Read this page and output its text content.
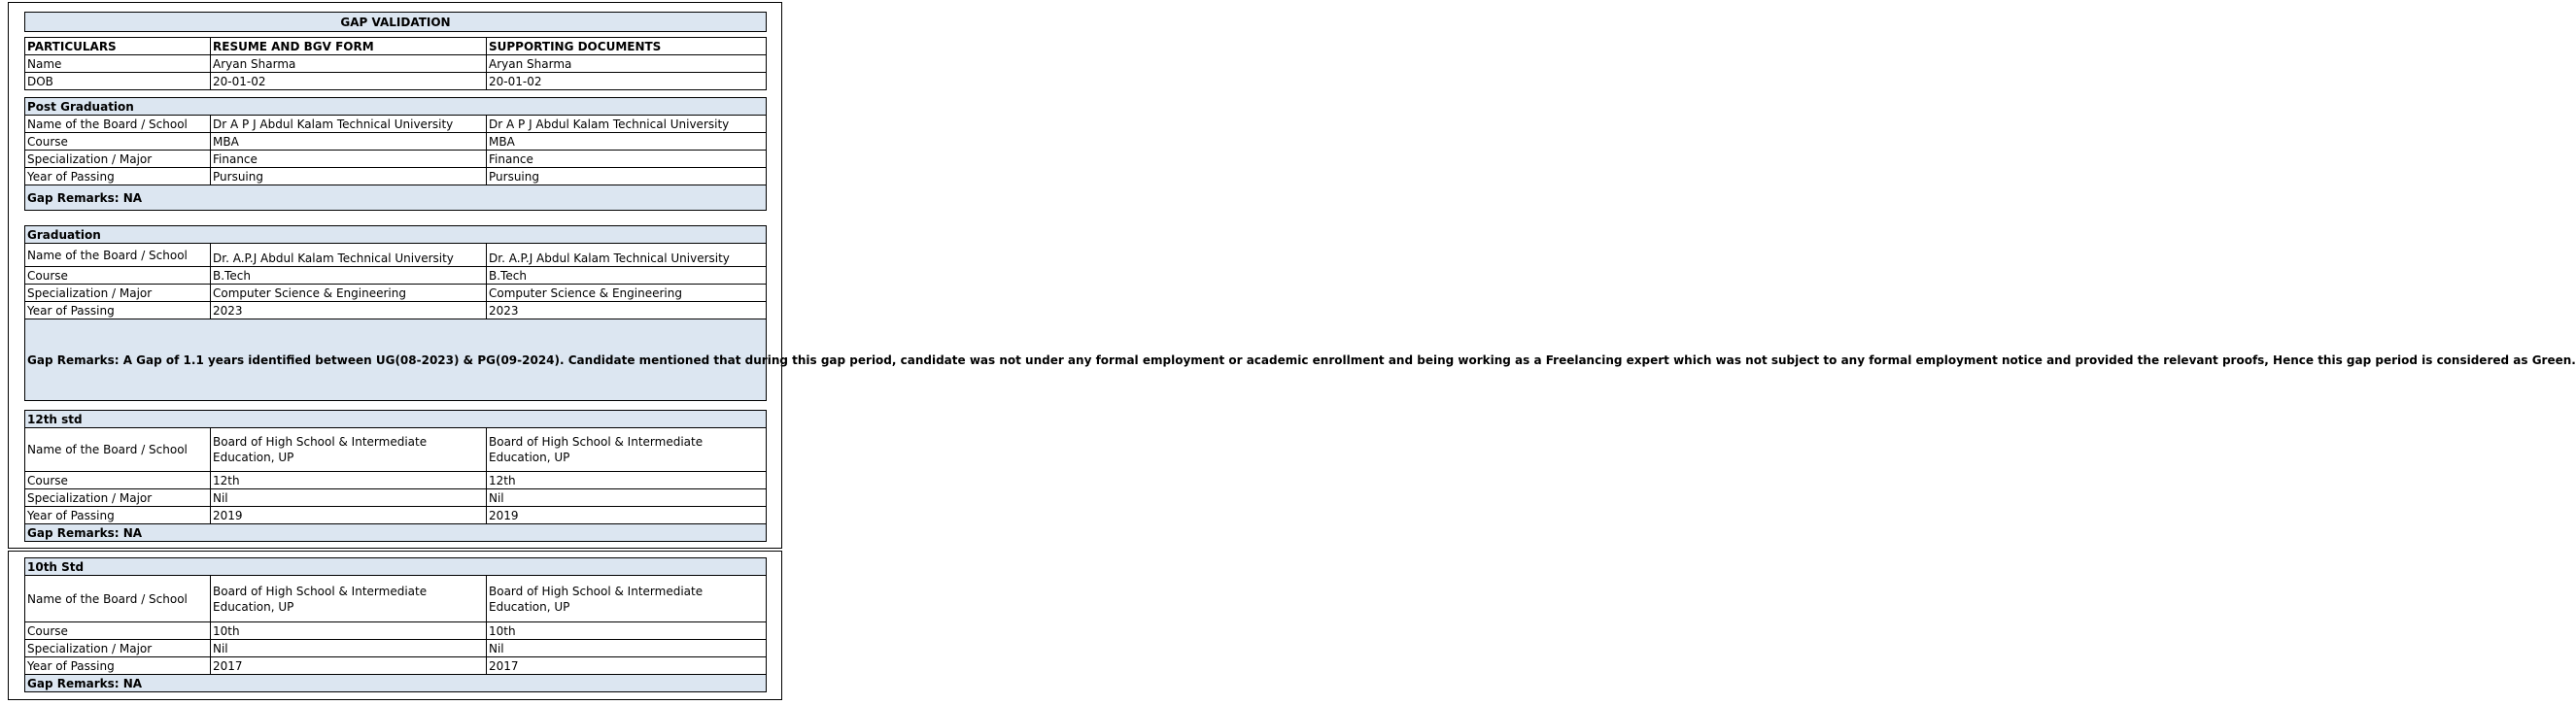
GAP VALIDATION
PARTICULARS	RESUME AND BGV FORM	SUPPORTING DOCUMENTS
Name	Aryan Sharma	Aryan Sharma
DOB	20-01-02	20-01-02
Post Graduation		
Name of the Board / School	Dr A P J Abdul Kalam Technical University	Dr A P J Abdul Kalam Technical University
Course	MBA	MBA
Specialization / Major	Finance	Finance
Year of Passing	Pursuing	Pursuing
Gap Remarks: NA		
Graduation		
Name of the Board / School	Dr. A.P.J Abdul Kalam Technical University	Dr. A.P.J Abdul Kalam Technical University
Course	B.Tech	B.Tech
Specialization / Major	Computer Science & Engineering	Computer Science & Engineering
Year of Passing	2023	2023
Gap Remarks: A Gap of 1.1 years identified between UG(08-2023) & PG(09-2024). Candidate mentioned that during this gap period, candidate was not under any formal employment or academic enrollment and being working as a Freelancing expert which was not subject to any formal employment notice and provided the relevant proofs, Hence this gap period is considered as Green.		
12th std		
Name of the Board / School	Board of High School & Intermediate Education, UP	Board of High School & Intermediate Education, UP
Course	12th	12th
Specialization / Major	Nil	Nil
Year of Passing	2019	2019
Gap Remarks: NA		
10th Std		
Name of the Board / School	Board of High School & Intermediate Education, UP	Board of High School & Intermediate Education, UP
Course	10th	10th
Specialization / Major	Nil	Nil
Year of Passing	2017	2017
Gap Remarks: NA		
